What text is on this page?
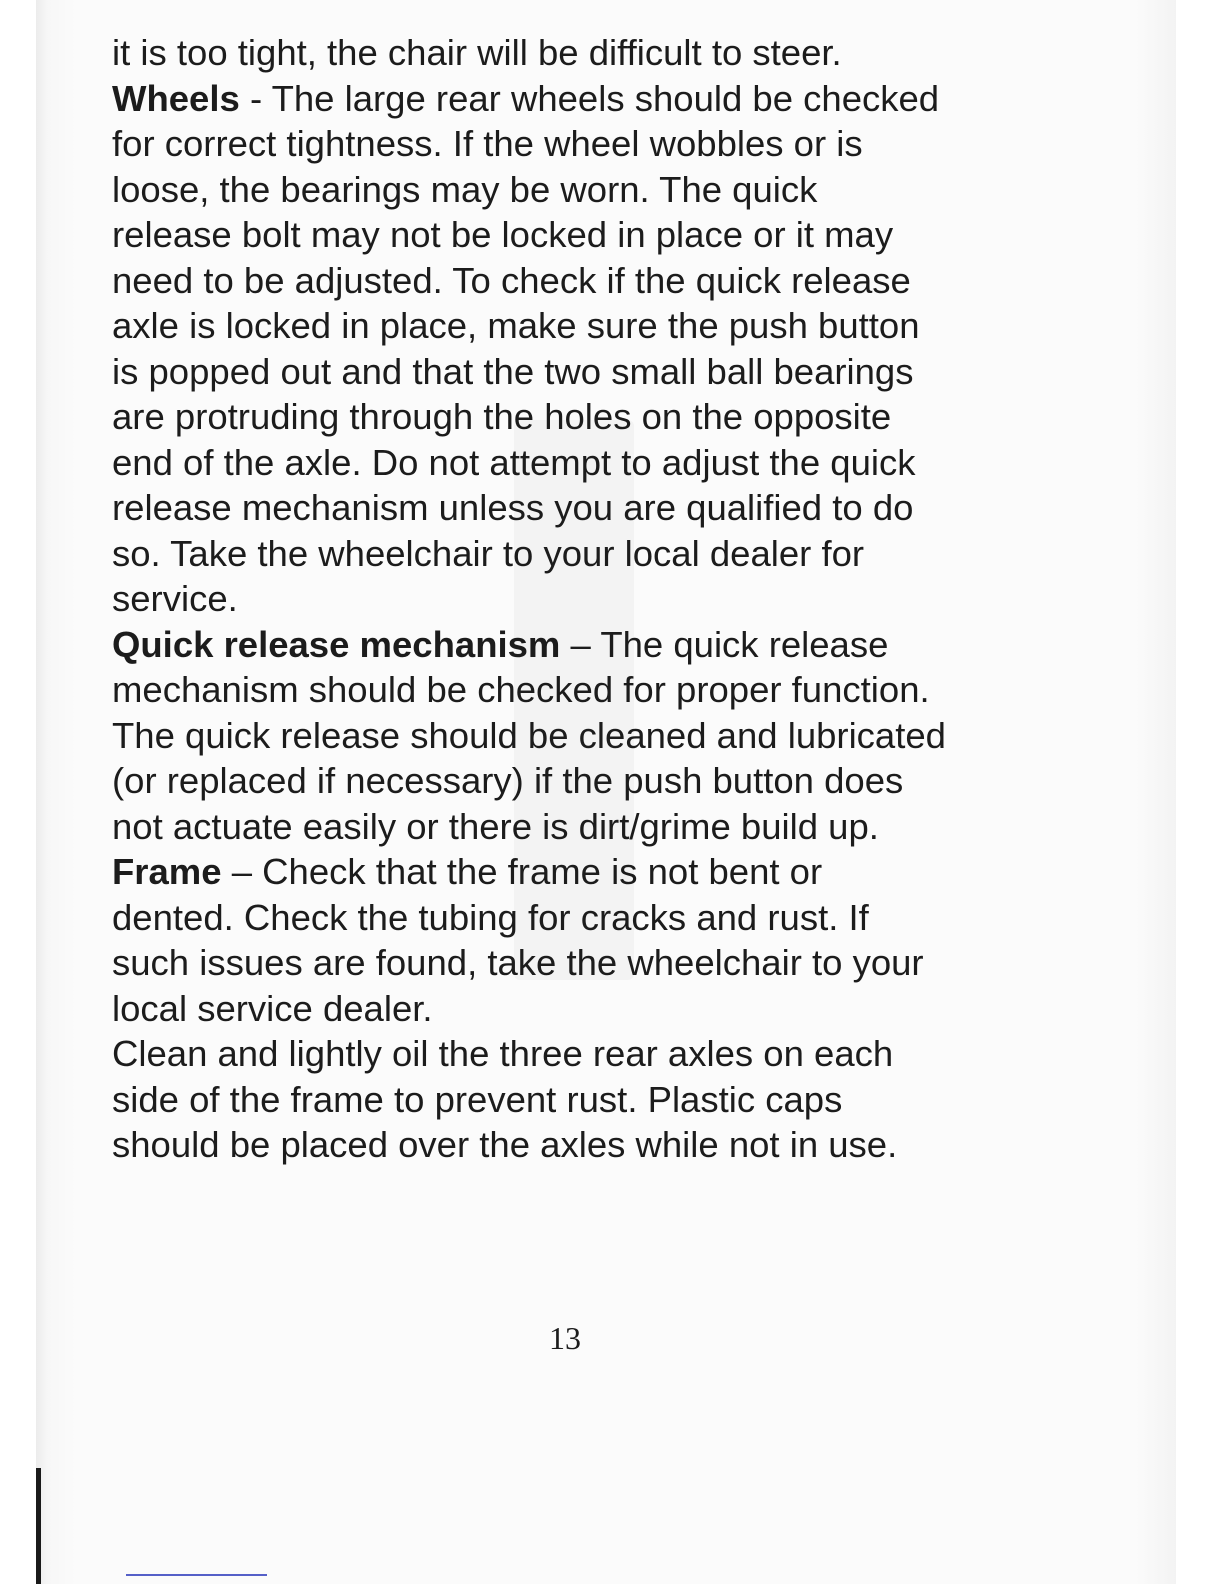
it is too tight, the chair will be difficult to steer.

Wheels - The large rear wheels should be checked
for correct tightness. If the wheel wobbles or is
loose, the bearings may be worn. The quick
release bolt may not be locked in place or it may
need to be adjusted. To check if the quick release
axle is locked in place, make sure the push button
is popped out and that the two small ball bearings
are protruding through the holes on the opposite
end of the axle. Do not attempt to adjust the quick
release mechanism unless you are qualified to do
so. Take the wheelchair to your local dealer for
service.

Quick release mechanism – The quick release
mechanism should be checked for proper function.
The quick release should be cleaned and lubricated
(or replaced if necessary) if the push button does
not actuate easily or there is dirt/grime build up.

Frame – Check that the frame is not bent or
dented. Check the tubing for cracks and rust. If
such issues are found, take the wheelchair to your
local service dealer.
Clean and lightly oil the three rear axles on each
side of the frame to prevent rust. Plastic caps
should be placed over the axles while not in use.

13
